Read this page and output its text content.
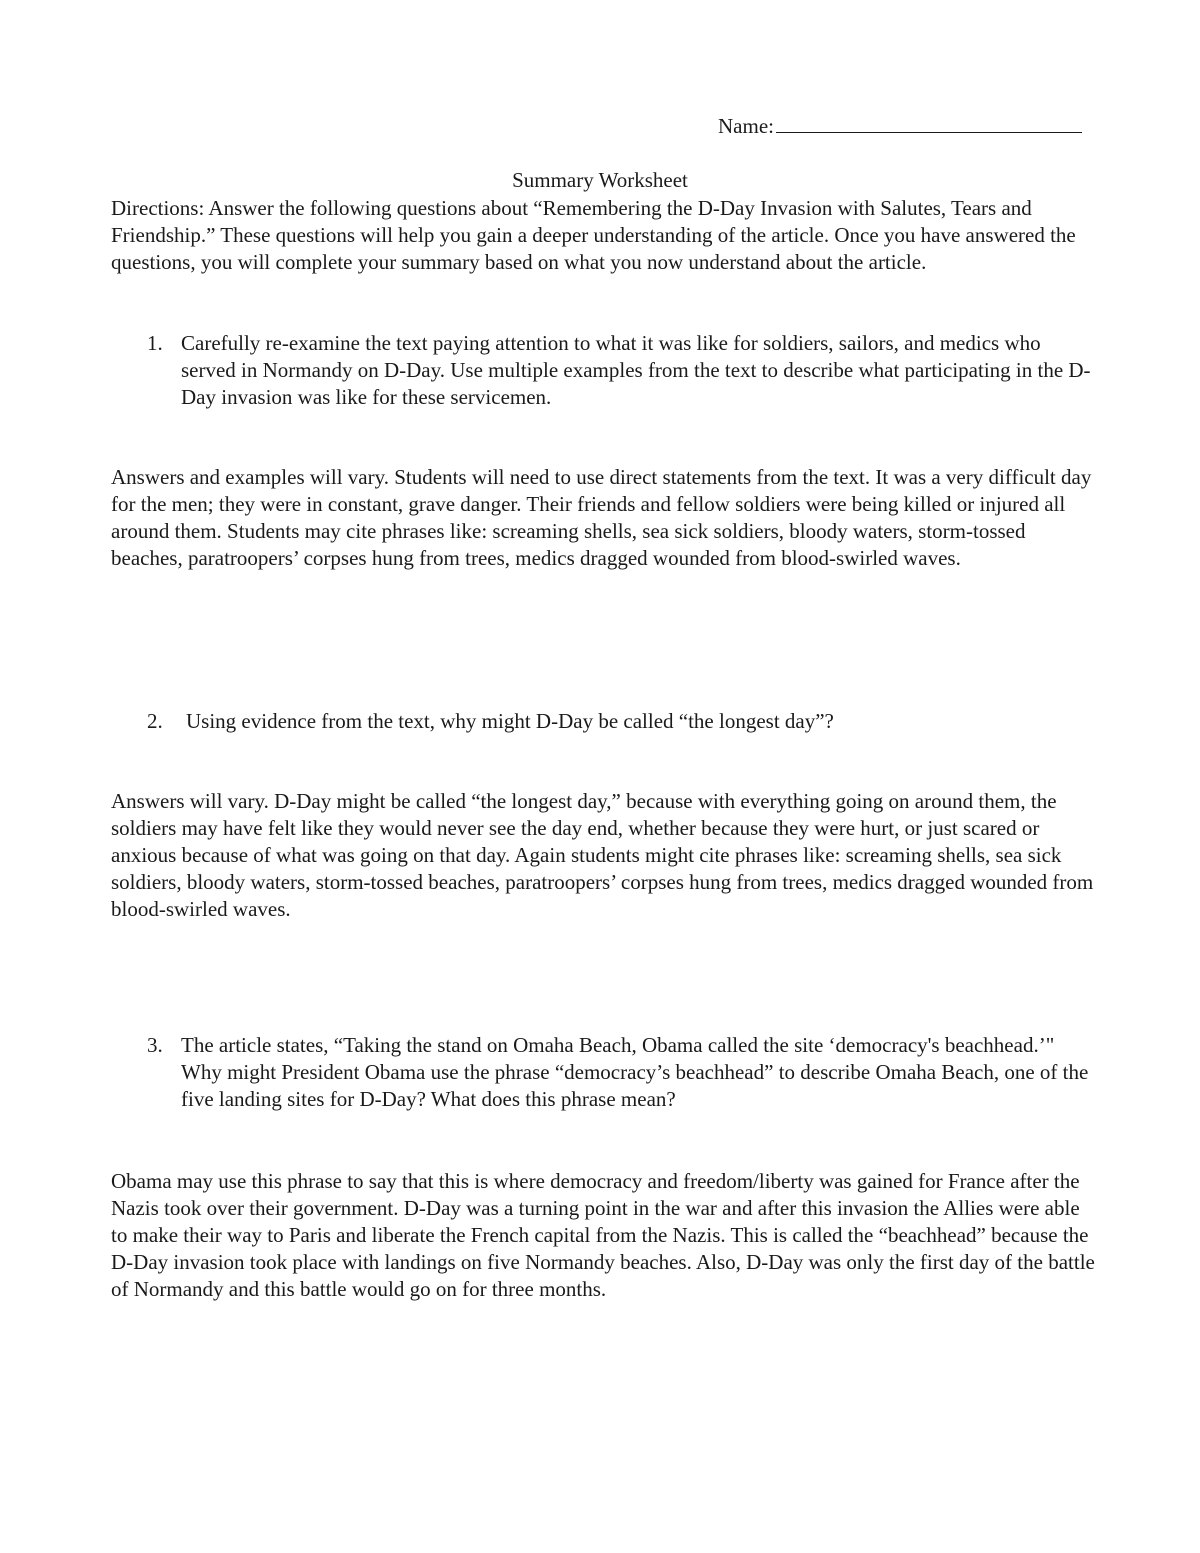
Name:
Summary Worksheet
Directions: Answer the following questions about “Remembering the D-Day Invasion with Salutes, Tears and Friendship.” These questions will help you gain a deeper understanding of the article. Once you have answered the questions, you will complete your summary based on what you now understand about the article.
1. Carefully re-examine the text paying attention to what it was like for soldiers, sailors, and medics who served in Normandy on D-Day. Use multiple examples from the text to describe what participating in the D-Day invasion was like for these servicemen.
Answers and examples will vary. Students will need to use direct statements from the text. It was a very difficult day for the men; they were in constant, grave danger. Their friends and fellow soldiers were being killed or injured all around them. Students may cite phrases like: screaming shells, sea sick soldiers, bloody waters, storm-tossed beaches, paratroopers’ corpses hung from trees, medics dragged wounded from blood-swirled waves.
2. Using evidence from the text, why might D-Day be called “the longest day”?
Answers will vary. D-Day might be called “the longest day,” because with everything going on around them, the soldiers may have felt like they would never see the day end, whether because they were hurt, or just scared or anxious because of what was going on that day. Again students might cite phrases like: screaming shells, sea sick soldiers, bloody waters, storm-tossed beaches, paratroopers’ corpses hung from trees, medics dragged wounded from blood-swirled waves.
3. The article states, “Taking the stand on Omaha Beach, Obama called the site ‘democracy's beachhead.’" Why might President Obama use the phrase “democracy’s beachhead” to describe Omaha Beach, one of the five landing sites for D-Day? What does this phrase mean?
Obama may use this phrase to say that this is where democracy and freedom/liberty was gained for France after the Nazis took over their government. D-Day was a turning point in the war and after this invasion the Allies were able to make their way to Paris and liberate the French capital from the Nazis. This is called the “beachhead” because the D-Day invasion took place with landings on five Normandy beaches. Also, D-Day was only the first day of the battle of Normandy and this battle would go on for three months.
